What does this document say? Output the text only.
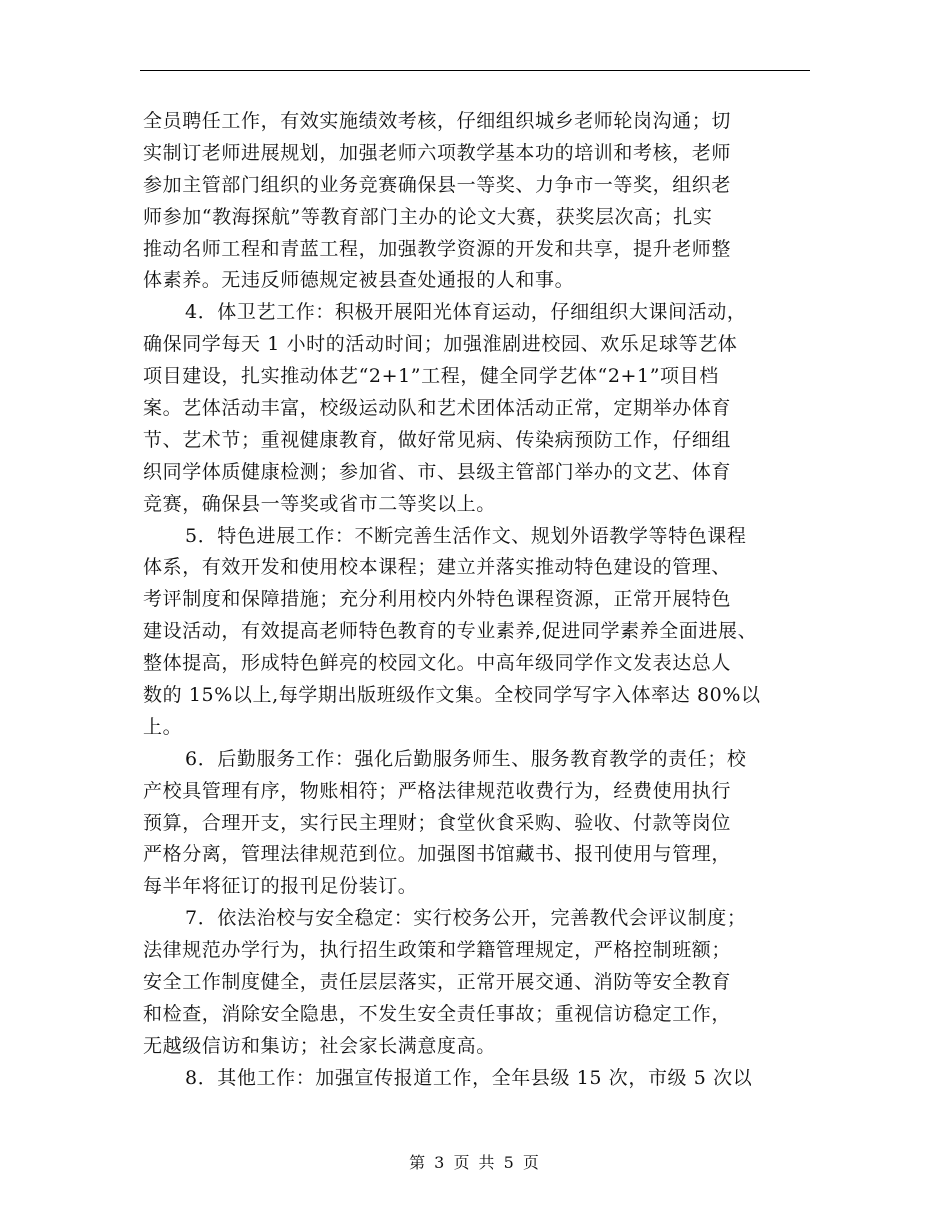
全员聘任工作，有效实施绩效考核，仔细组织城乡老师轮岗沟通；切
实制订老师进展规划，加强老师六项教学基本功的培训和考核，老师
参加主管部门组织的业务竞赛确保县一等奖、力争市一等奖，组织老
师参加“教海探航”等教育部门主办的论文大赛，获奖层次高；扎实
推动名师工程和青蓝工程，加强教学资源的开发和共享，提升老师整
体素养。无违反师德规定被县查处通报的人和事。
4．体卫艺工作：积极开展阳光体育运动，仔细组织大课间活动，
确保同学每天 1 小时的活动时间；加强淮剧进校园、欢乐足球等艺体
项目建设，扎实推动体艺“2+1”工程，健全同学艺体“2+1”项目档
案。艺体活动丰富，校级运动队和艺术团体活动正常，定期举办体育
节、艺术节；重视健康教育，做好常见病、传染病预防工作，仔细组
织同学体质健康检测；参加省、市、县级主管部门举办的文艺、体育
竞赛，确保县一等奖或省市二等奖以上。
5．特色进展工作：不断完善生活作文、规划外语教学等特色课程
体系，有效开发和使用校本课程；建立并落实推动特色建设的管理、
考评制度和保障措施；充分利用校内外特色课程资源，正常开展特色
建设活动，有效提高老师特色教育的专业素养,促进同学素养全面进展、
整体提高，形成特色鲜亮的校园文化。中高年级同学作文发表达总人
数的 15%以上,每学期出版班级作文集。全校同学写字入体率达 80%以
上。
6．后勤服务工作：强化后勤服务师生、服务教育教学的责任；校
产校具管理有序，物账相符；严格法律规范收费行为，经费使用执行
预算，合理开支，实行民主理财；食堂伙食采购、验收、付款等岗位
严格分离，管理法律规范到位。加强图书馆藏书、报刊使用与管理，
每半年将征订的报刊足份装订。
7．依法治校与安全稳定：实行校务公开，完善教代会评议制度；
法律规范办学行为，执行招生政策和学籍管理规定，严格控制班额；
安全工作制度健全，责任层层落实，正常开展交通、消防等安全教育
和检查，消除安全隐患，不发生安全责任事故；重视信访稳定工作，
无越级信访和集访；社会家长满意度高。
8．其他工作：加强宣传报道工作，全年县级 15 次，市级 5 次以
第 3 页 共 5 页
